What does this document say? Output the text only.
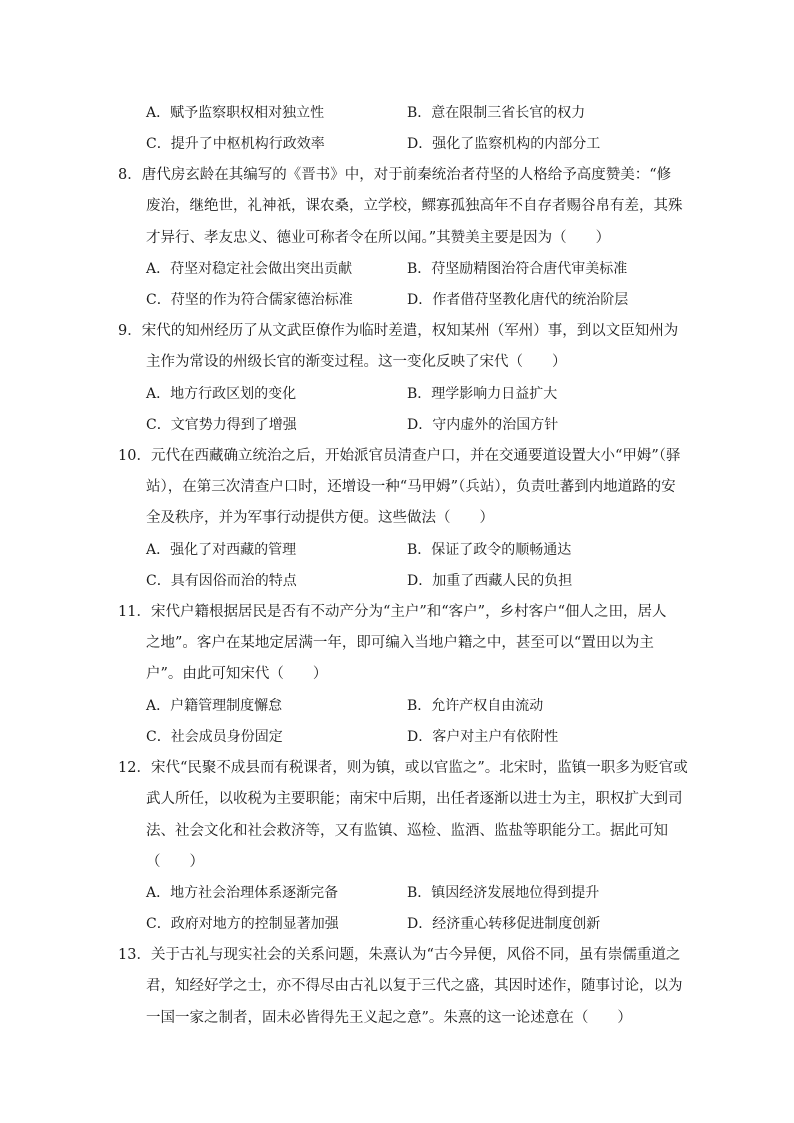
A．赋予监察职权相对独立性	B．意在限制三省长官的权力
C．提升了中枢机构行政效率	D．强化了监察机构的内部分工
8．唐代房玄龄在其编写的《晋书》中，对于前秦统治者苻坚的人格给予高度赞美：“修
废治，继绝世，礼神祇，课农桑，立学校，鳏寡孤独高年不自存者赐谷帛有差，其殊
才异行、孝友忠义、德业可称者令在所以闻。”其赞美主要是因为（　　）
A．苻坚对稳定社会做出突出贡献	B．苻坚励精图治符合唐代审美标准
C．苻坚的作为符合儒家德治标准	D．作者借苻坚教化唐代的统治阶层
9．宋代的知州经历了从文武臣僚作为临时差遣，权知某州（军州）事，到以文臣知州为
主作为常设的州级长官的渐变过程。这一变化反映了宋代（　　）
A．地方行政区划的变化	B．理学影响力日益扩大
C．文官势力得到了增强	D．守内虚外的治国方针
10．元代在西藏确立统治之后，开始派官员清查户口，并在交通要道设置大小“甲姆”（驿
站），在第三次清查户口时，还增设一种“马甲姆”（兵站），负责吐蕃到内地道路的安
全及秩序，并为军事行动提供方便。这些做法（　　）
A．强化了对西藏的管理	B．保证了政令的顺畅通达
C．具有因俗而治的特点	D．加重了西藏人民的负担
11．宋代户籍根据居民是否有不动产分为“主户”和“客户”，乡村客户“佃人之田，居人
之地”。客户在某地定居满一年，即可编入当地户籍之中，甚至可以“置田以为主
户”。由此可知宋代（　　）
A．户籍管理制度懈怠	B．允许产权自由流动
C．社会成员身份固定	D．客户对主户有依附性
12．宋代“民聚不成县而有税课者，则为镇，或以官监之”。北宋时，监镇一职多为贬官或
武人所任，以收税为主要职能；南宋中后期，出任者逐渐以进士为主，职权扩大到司
法、社会文化和社会救济等，又有监镇、巡检、监酒、监盐等职能分工。据此可知
（　　）
A．地方社会治理体系逐渐完备	B．镇因经济发展地位得到提升
C．政府对地方的控制显著加强	D．经济重心转移促进制度创新
13．关于古礼与现实社会的关系问题，朱熹认为“古今异便，风俗不同，虽有崇儒重道之
君，知经好学之士，亦不得尽由古礼以复于三代之盛，其因时述作，随事讨论，以为
一国一家之制者，固未必皆得先王义起之意”。朱熹的这一论述意在（　　）
